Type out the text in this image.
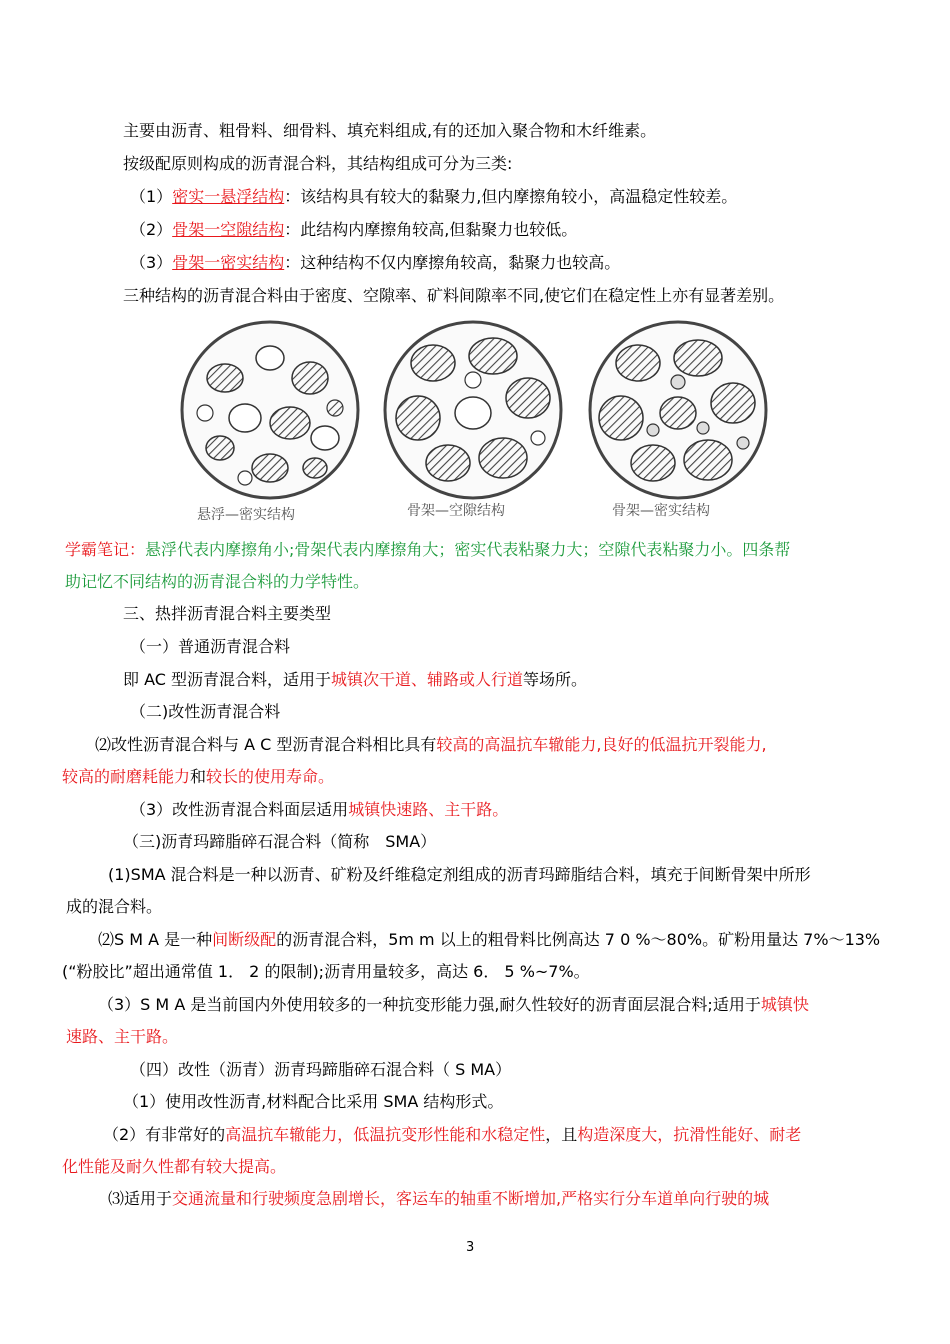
主要由沥青、粗骨料、细骨料、填充料组成,有的还加入聚合物和木纤维素。
按级配原则构成的沥青混合料，其结构组成可分为三类:
（1）密实一悬浮结构：该结构具有较大的黏聚力,但内摩擦角较小，高温稳定性较差。
（2）骨架一空隙结构：此结构内摩擦角较高,但黏聚力也较低。
（3）骨架一密实结构：这种结构不仅内摩擦角较高，黏聚力也较高。
三种结构的沥青混合料由于密度、空隙率、矿料间隙率不同,使它们在稳定性上亦有显著差别。
悬浮—密实结构	骨架—空隙结构	骨架—密实结构
学霸笔记：悬浮代表内摩擦角小;骨架代表内摩擦角大；密实代表粘聚力大；空隙代表粘聚力小。四条帮
助记忆不同结构的沥青混合料的力学特性。
三、热拌沥青混合料主要类型
（一）普通沥青混合料
即 AC 型沥青混合料，适用于城镇次干道、辅路或人行道等场所。
（二)改性沥青混合料
⑵改性沥青混合料与 A C 型沥青混合料相比具有较高的高温抗车辙能力,良好的低温抗开裂能力,
较高的耐磨耗能力和较长的使用寿命。
（3）改性沥青混合料面层适用城镇快速路、主干路。
（三)沥青玛蹄脂碎石混合料（简称　SMA）
(1)SMA 混合料是一种以沥青、矿粉及纤维稳定剂组成的沥青玛蹄脂结合料，填充于间断骨架中所形
成的混合料。
⑵S M A 是一种间断级配的沥青混合料，5m m 以上的粗骨料比例高达 7 0 %～80%。矿粉用量达 7%～13%
(“粉胶比”超出通常值 1． 2 的限制);沥青用量较多，高达 6． 5 %~7%。
（3）S M A 是当前国内外使用较多的一种抗变形能力强,耐久性较好的沥青面层混合料;适用于城镇快
速路、主干路。
（四）改性（沥青）沥青玛蹄脂碎石混合料（ S MA）
（1）使用改性沥青,材料配合比采用 SMA 结构形式。
（2）有非常好的高温抗车辙能力，低温抗变形性能和水稳定性，且构造深度大，抗滑性能好、耐老
化性能及耐久性都有较大提高。
⑶适用于交通流量和行驶频度急剧增长，客运车的轴重不断增加,严格实行分车道单向行驶的城
3
